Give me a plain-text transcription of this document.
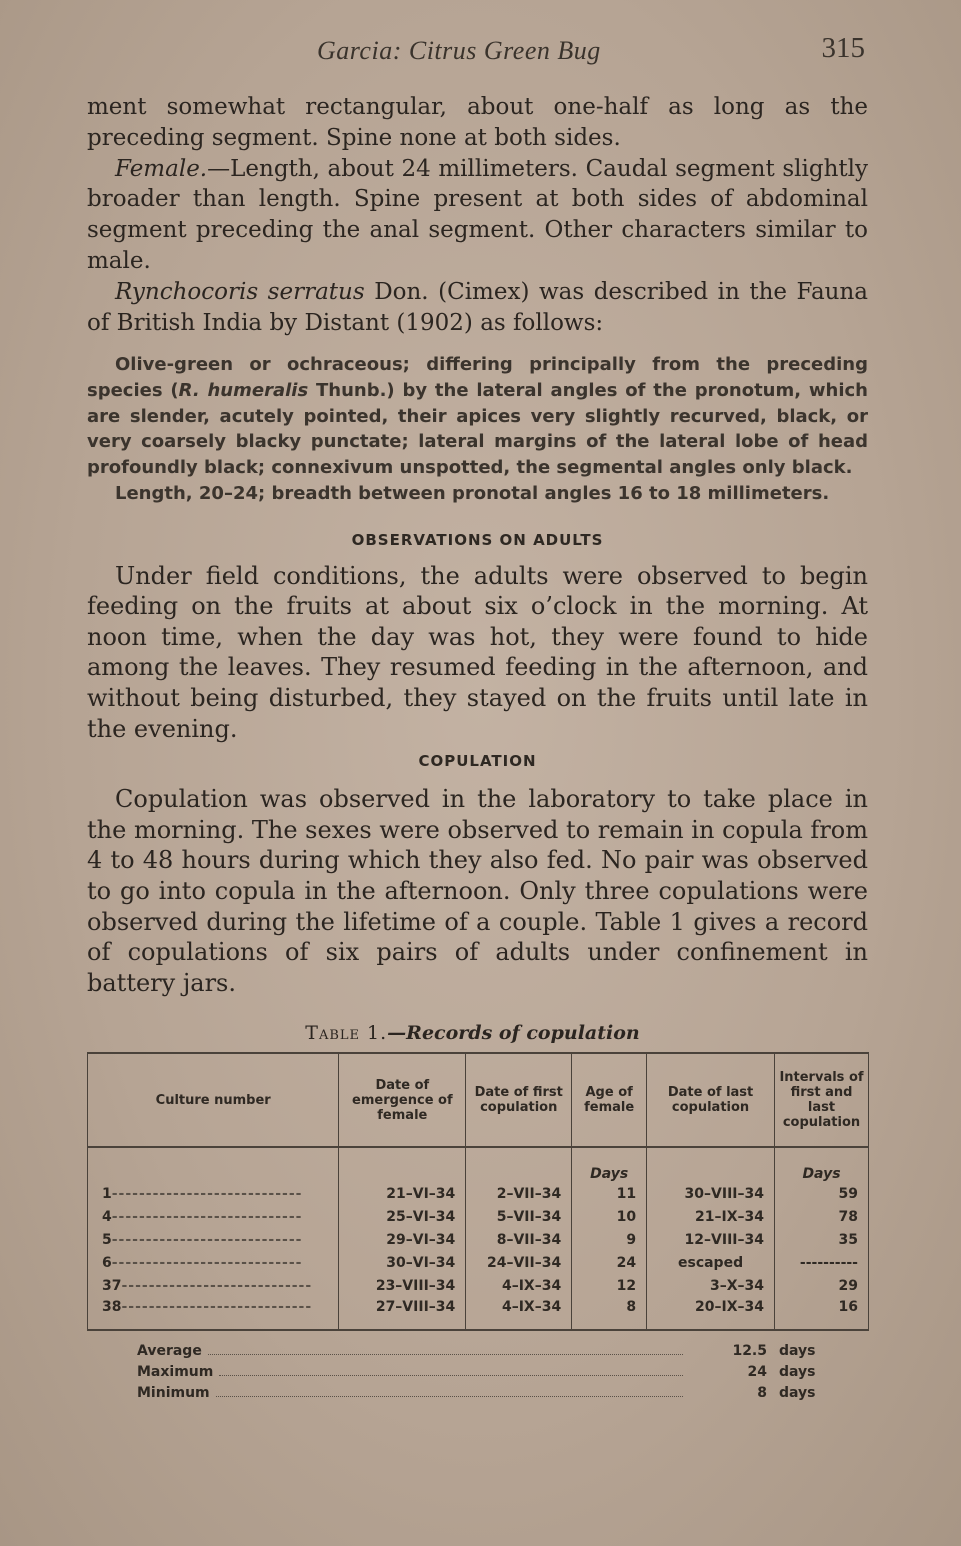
Garcia: Citrus Green Bug	315

ment somewhat rectangular, about one-half as long as the preceding segment. Spine none at both sides.

Female.—Length, about 24 millimeters. Caudal segment slightly broader than length. Spine present at both sides of abdominal segment preceding the anal segment. Other characters similar to male.

Rynchocoris serratus Don. (Cimex) was described in the Fauna of British India by Distant (1902) as follows:

Olive-green or ochraceous; differing principally from the preceding species (R. humeralis Thunb.) by the lateral angles of the pronotum, which are slender, acutely pointed, their apices very slightly recurved, black, or very coarsely blacky punctate; lateral margins of the lateral lobe of head profoundly black; connexivum unspotted, the segmental angles only black.

Length, 20–24; breadth between pronotal angles 16 to 18 millimeters.

OBSERVATIONS ON ADULTS

Under field conditions, the adults were observed to begin feeding on the fruits at about six o’clock in the morning. At noon time, when the day was hot, they were found to hide among the leaves. They resumed feeding in the afternoon, and without being disturbed, they stayed on the fruits until late in the evening.

COPULATION

Copulation was observed in the laboratory to take place in the morning. The sexes were observed to remain in copula from 4 to 48 hours during which they also fed. No pair was observed to go into copula in the afternoon. Only three copulations were observed during the lifetime of a couple. Table 1 gives a record of copulations of six pairs of adults under confinement in battery jars.

Table 1.—Records of copulation

Culture number	Date of emergence of female	Date of first copulation	Age of female	Date of last copulation	Intervals of first and last copulation
			Days		Days
1----------------------------	21–VI–34	2–VII–34	11	30–VIII–34	59
4----------------------------	25–VI–34	5–VII–34	10	21–IX–34	78
5----------------------------	29–VI–34	8–VII–34	9	12–VIII–34	35
6----------------------------	30–VI–34	24–VII–34	24	escaped	----------
37----------------------------	23–VIII–34	4–IX–34	12	3–X–34	29
38----------------------------	27–VIII–34	4–IX–34	8	20–IX–34	16
Average	12.5 days
Maximum	24 days
Minimum	8 days
